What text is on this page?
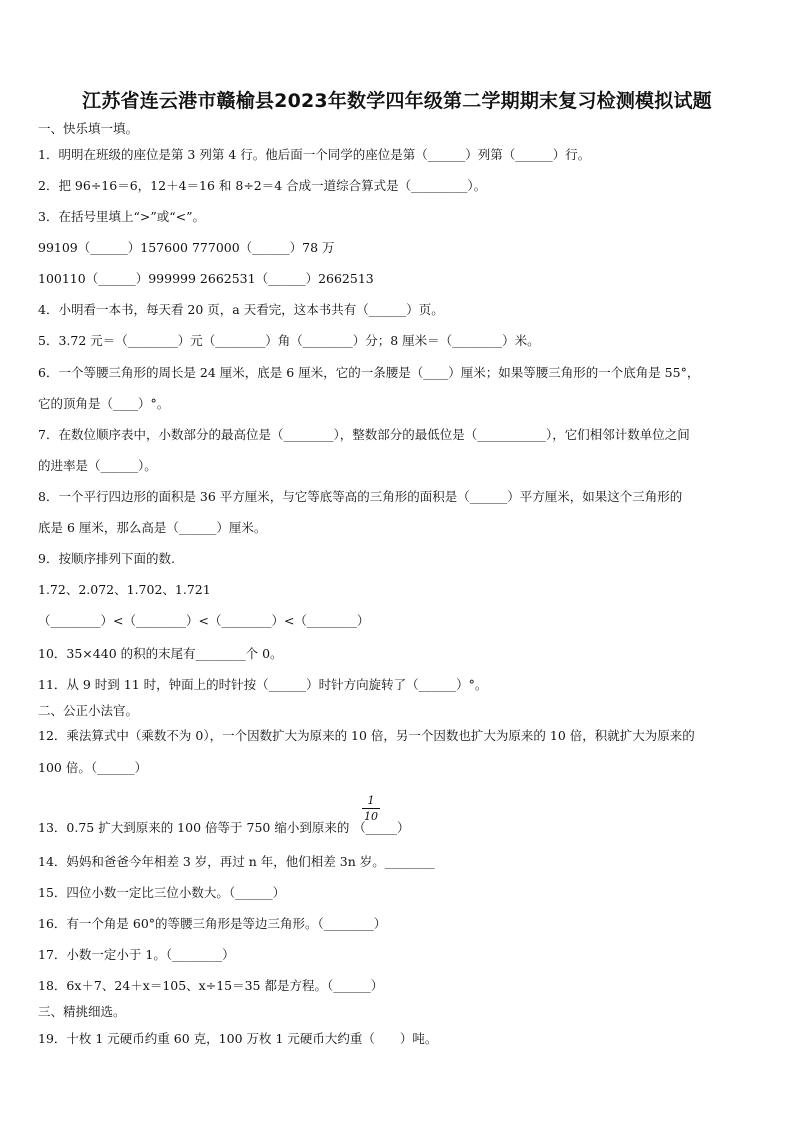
江苏省连云港市赣榆县2023年数学四年级第二学期期末复习检测模拟试题
一、快乐填一填。
1．明明在班级的座位是第 3 列第 4 行。他后面一个同学的座位是第（______）列第（______）行。
2．把 96÷16＝6，12＋4＝16 和 8÷2＝4 合成一道综合算式是（_________）。
3．在括号里填上“>”或“<”。
99109（______）157600 777000（______）78 万
100110（______）999999 2662531（______）2662513
4．小明看一本书，每天看 20 页，a 天看完，这本书共有（______）页。
5．3.72 元＝（________）元（________）角（________）分；8 厘米＝（________）米。
6．一个等腰三角形的周长是 24 厘米，底是 6 厘米，它的一条腰是（____）厘米；如果等腰三角形的一个底角是 55°，
它的顶角是（____）°。
7．在数位顺序表中，小数部分的最高位是（________），整数部分的最低位是（___________），它们相邻计数单位之间
的进率是（______）。
8．一个平行四边形的面积是 36 平方厘米，与它等底等高的三角形的面积是（______）平方厘米，如果这个三角形的
底是 6 厘米，那么高是（______）厘米。
9．按顺序排列下面的数.
1.72、2.072、1.702、1.721
（________）<（________）<（________）<（________）
10．35×440 的积的末尾有________个 0。
11．从 9 时到 11 时，钟面上的时针按（______）时针方向旋转了（______）°。
二、公正小法官。
12．乘法算式中（乘数不为 0），一个因数扩大为原来的 10 倍，另一个因数也扩大为原来的 10 倍，积就扩大为原来的
100 倍。（______）
1
10
13．0.75 扩大到原来的 100 倍等于 750 缩小到原来的 （_____）
14．妈妈和爸爸今年相差 3 岁，再过 n 年，他们相差 3n 岁。________
15．四位小数一定比三位小数大。（______）
16．有一个角是 60°的等腰三角形是等边三角形。（________）
17．小数一定小于 1。（________）
18．6x＋7、24＋x＝105、x÷15＝35 都是方程。（______）
三、精挑细选。
19．十枚 1 元硬币约重 60 克，100 万枚 1 元硬币大约重（　　）吨。
